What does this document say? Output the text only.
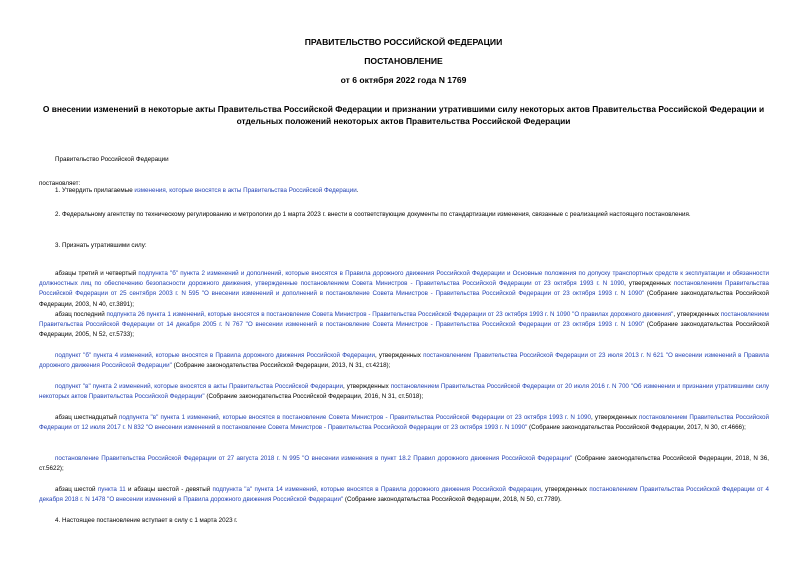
ПРАВИТЕЛЬСТВО РОССИЙСКОЙ ФЕДЕРАЦИИ
ПОСТАНОВЛЕНИЕ
от 6 октября 2022 года N 1769
О внесении изменений в некоторые акты Правительства Российской Федерации и признании утратившими силу некоторых актов Правительства Российской Федерации и отдельных положений некоторых актов Правительства Российской Федерации
Правительство Российской Федерации
постановляет:
1. Утвердить прилагаемые изменения, которые вносятся в акты Правительства Российской Федерации.
2. Федеральному агентству по техническому регулированию и метрологии до 1 марта 2023 г. внести в соответствующие документы по стандартизации изменения, связанные с реализацией настоящего постановления.
3. Признать утратившими силу:
абзацы третий и четвертый подпункта "б" пункта 2 изменений и дополнений, которые вносятся в Правила дорожного движения Российской Федерации и Основные положения по допуску транспортных средств к эксплуатации и обязанности должностных лиц по обеспечению безопасности дорожного движения, утвержденные постановлением Совета Министров - Правительства Российской Федерации от 23 октября 1993 г. N 1090, утвержденных постановлением Правительства Российской Федерации от 25 сентября 2003 г. N 595 "О внесении изменений и дополнений в постановление Совета Министров - Правительства Российской Федерации от 23 октября 1993 г. N 1090" (Собрание законодательства Российской Федерации, 2003, N 40, ст.3891);
абзац последний подпункта 26 пункта 1 изменений, которые вносятся в постановление Совета Министров - Правительства Российской Федерации от 23 октября 1993 г. N 1090 "О правилах дорожного движения", утвержденных постановлением Правительства Российской Федерации от 14 декабря 2005 г. N 767 "О внесении изменений в постановление Совета Министров - Правительства Российской Федерации от 23 октября 1993 г. N 1090" (Собрание законодательства Российской Федерации, 2005, N 52, ст.5733);
подпункт "б" пункта 4 изменений, которые вносятся в Правила дорожного движения Российской Федерации, утвержденных постановлением Правительства Российской Федерации от 23 июля 2013 г. N 621 "О внесении изменений в Правила дорожного движения Российской Федерации" (Собрание законодательства Российской Федерации, 2013, N 31, ст.4218);
подпункт "в" пункта 2 изменений, которые вносятся в акты Правительства Российской Федерации, утвержденных постановлением Правительства Российской Федерации от 20 июля 2016 г. N 700 "Об изменении и признании утратившими силу некоторых актов Правительства Российской Федерации" (Собрание законодательства Российской Федерации, 2016, N 31, ст.5018);
абзац шестнадцатый подпункта "в" пункта 1 изменений, которые вносятся в постановление Совета Министров - Правительства Российской Федерации от 23 октября 1993 г. N 1090, утвержденных постановлением Правительства Российской Федерации от 12 июля 2017 г. N 832 "О внесении изменений в постановление Совета Министров - Правительства Российской Федерации от 23 октября 1993 г. N 1090" (Собрание законодательства Российской Федерации, 2017, N 30, ст.4666);
постановление Правительства Российской Федерации от 27 августа 2018 г. N 995 "О внесении изменения в пункт 18.2 Правил дорожного движения Российской Федерации" (Собрание законодательства Российской Федерации, 2018, N 36, ст.5622);
абзац шестой пункта 11 и абзацы шестой - девятый подпункта "а" пункта 14 изменений, которые вносятся в Правила дорожного движения Российской Федерации, утвержденных постановлением Правительства Российской Федерации от 4 декабря 2018 г. N 1478 "О внесении изменений в Правила дорожного движения Российской Федерации" (Собрание законодательства Российской Федерации, 2018, N 50, ст.7789).
4. Настоящее постановление вступает в силу с 1 марта 2023 г.
